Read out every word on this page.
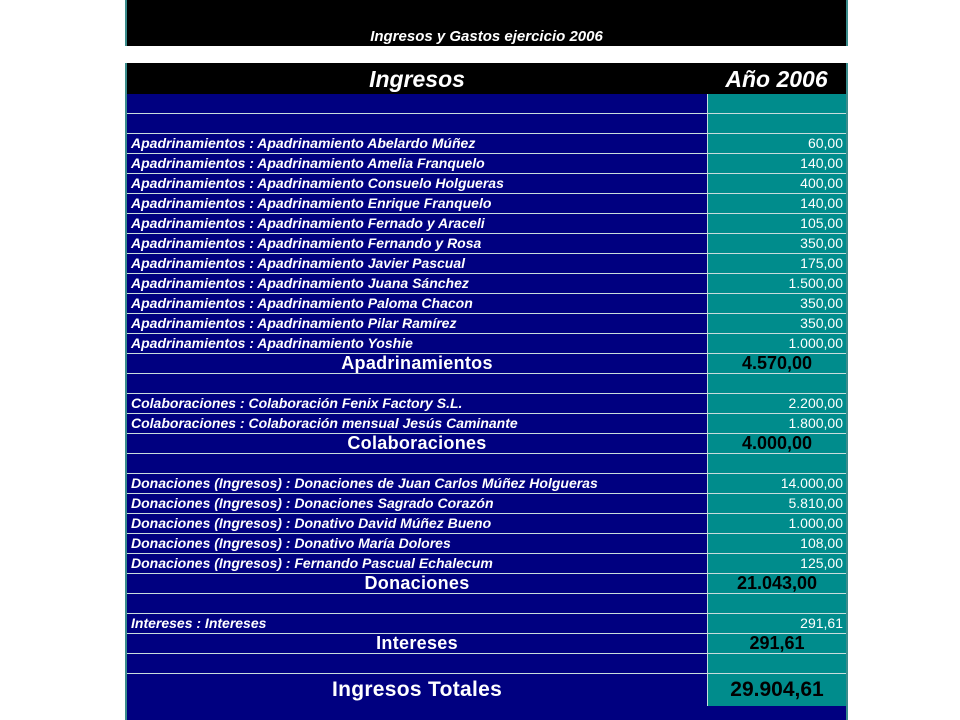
Ingresos y Gastos ejercicio 2006
Ingresos	Año 2006
Apadrinamientos : Apadrinamiento Abelardo Múñez	60,00
Apadrinamientos : Apadrinamiento Amelia Franquelo	140,00
Apadrinamientos : Apadrinamiento Consuelo Holgueras	400,00
Apadrinamientos : Apadrinamiento Enrique Franquelo	140,00
Apadrinamientos : Apadrinamiento Fernado y Araceli	105,00
Apadrinamientos : Apadrinamiento Fernando y Rosa	350,00
Apadrinamientos : Apadrinamiento Javier Pascual	175,00
Apadrinamientos : Apadrinamiento Juana Sánchez	1.500,00
Apadrinamientos : Apadrinamiento Paloma Chacon	350,00
Apadrinamientos : Apadrinamiento Pilar Ramírez	350,00
Apadrinamientos : Apadrinamiento Yoshie	1.000,00
Apadrinamientos	4.570,00
Colaboraciones : Colaboración Fenix Factory S.L.	2.200,00
Colaboraciones : Colaboración mensual Jesús Caminante	1.800,00
Colaboraciones	4.000,00
Donaciones (Ingresos) : Donaciones de Juan Carlos Múñez Holgueras	14.000,00
Donaciones (Ingresos) : Donaciones Sagrado Corazón	5.810,00
Donaciones (Ingresos) : Donativo David Múñez Bueno	1.000,00
Donaciones (Ingresos) : Donativo María Dolores	108,00
Donaciones (Ingresos) : Fernando Pascual Echalecum	125,00
Donaciones	21.043,00
Intereses : Intereses	291,61
Intereses	291,61
Ingresos Totales	29.904,61
